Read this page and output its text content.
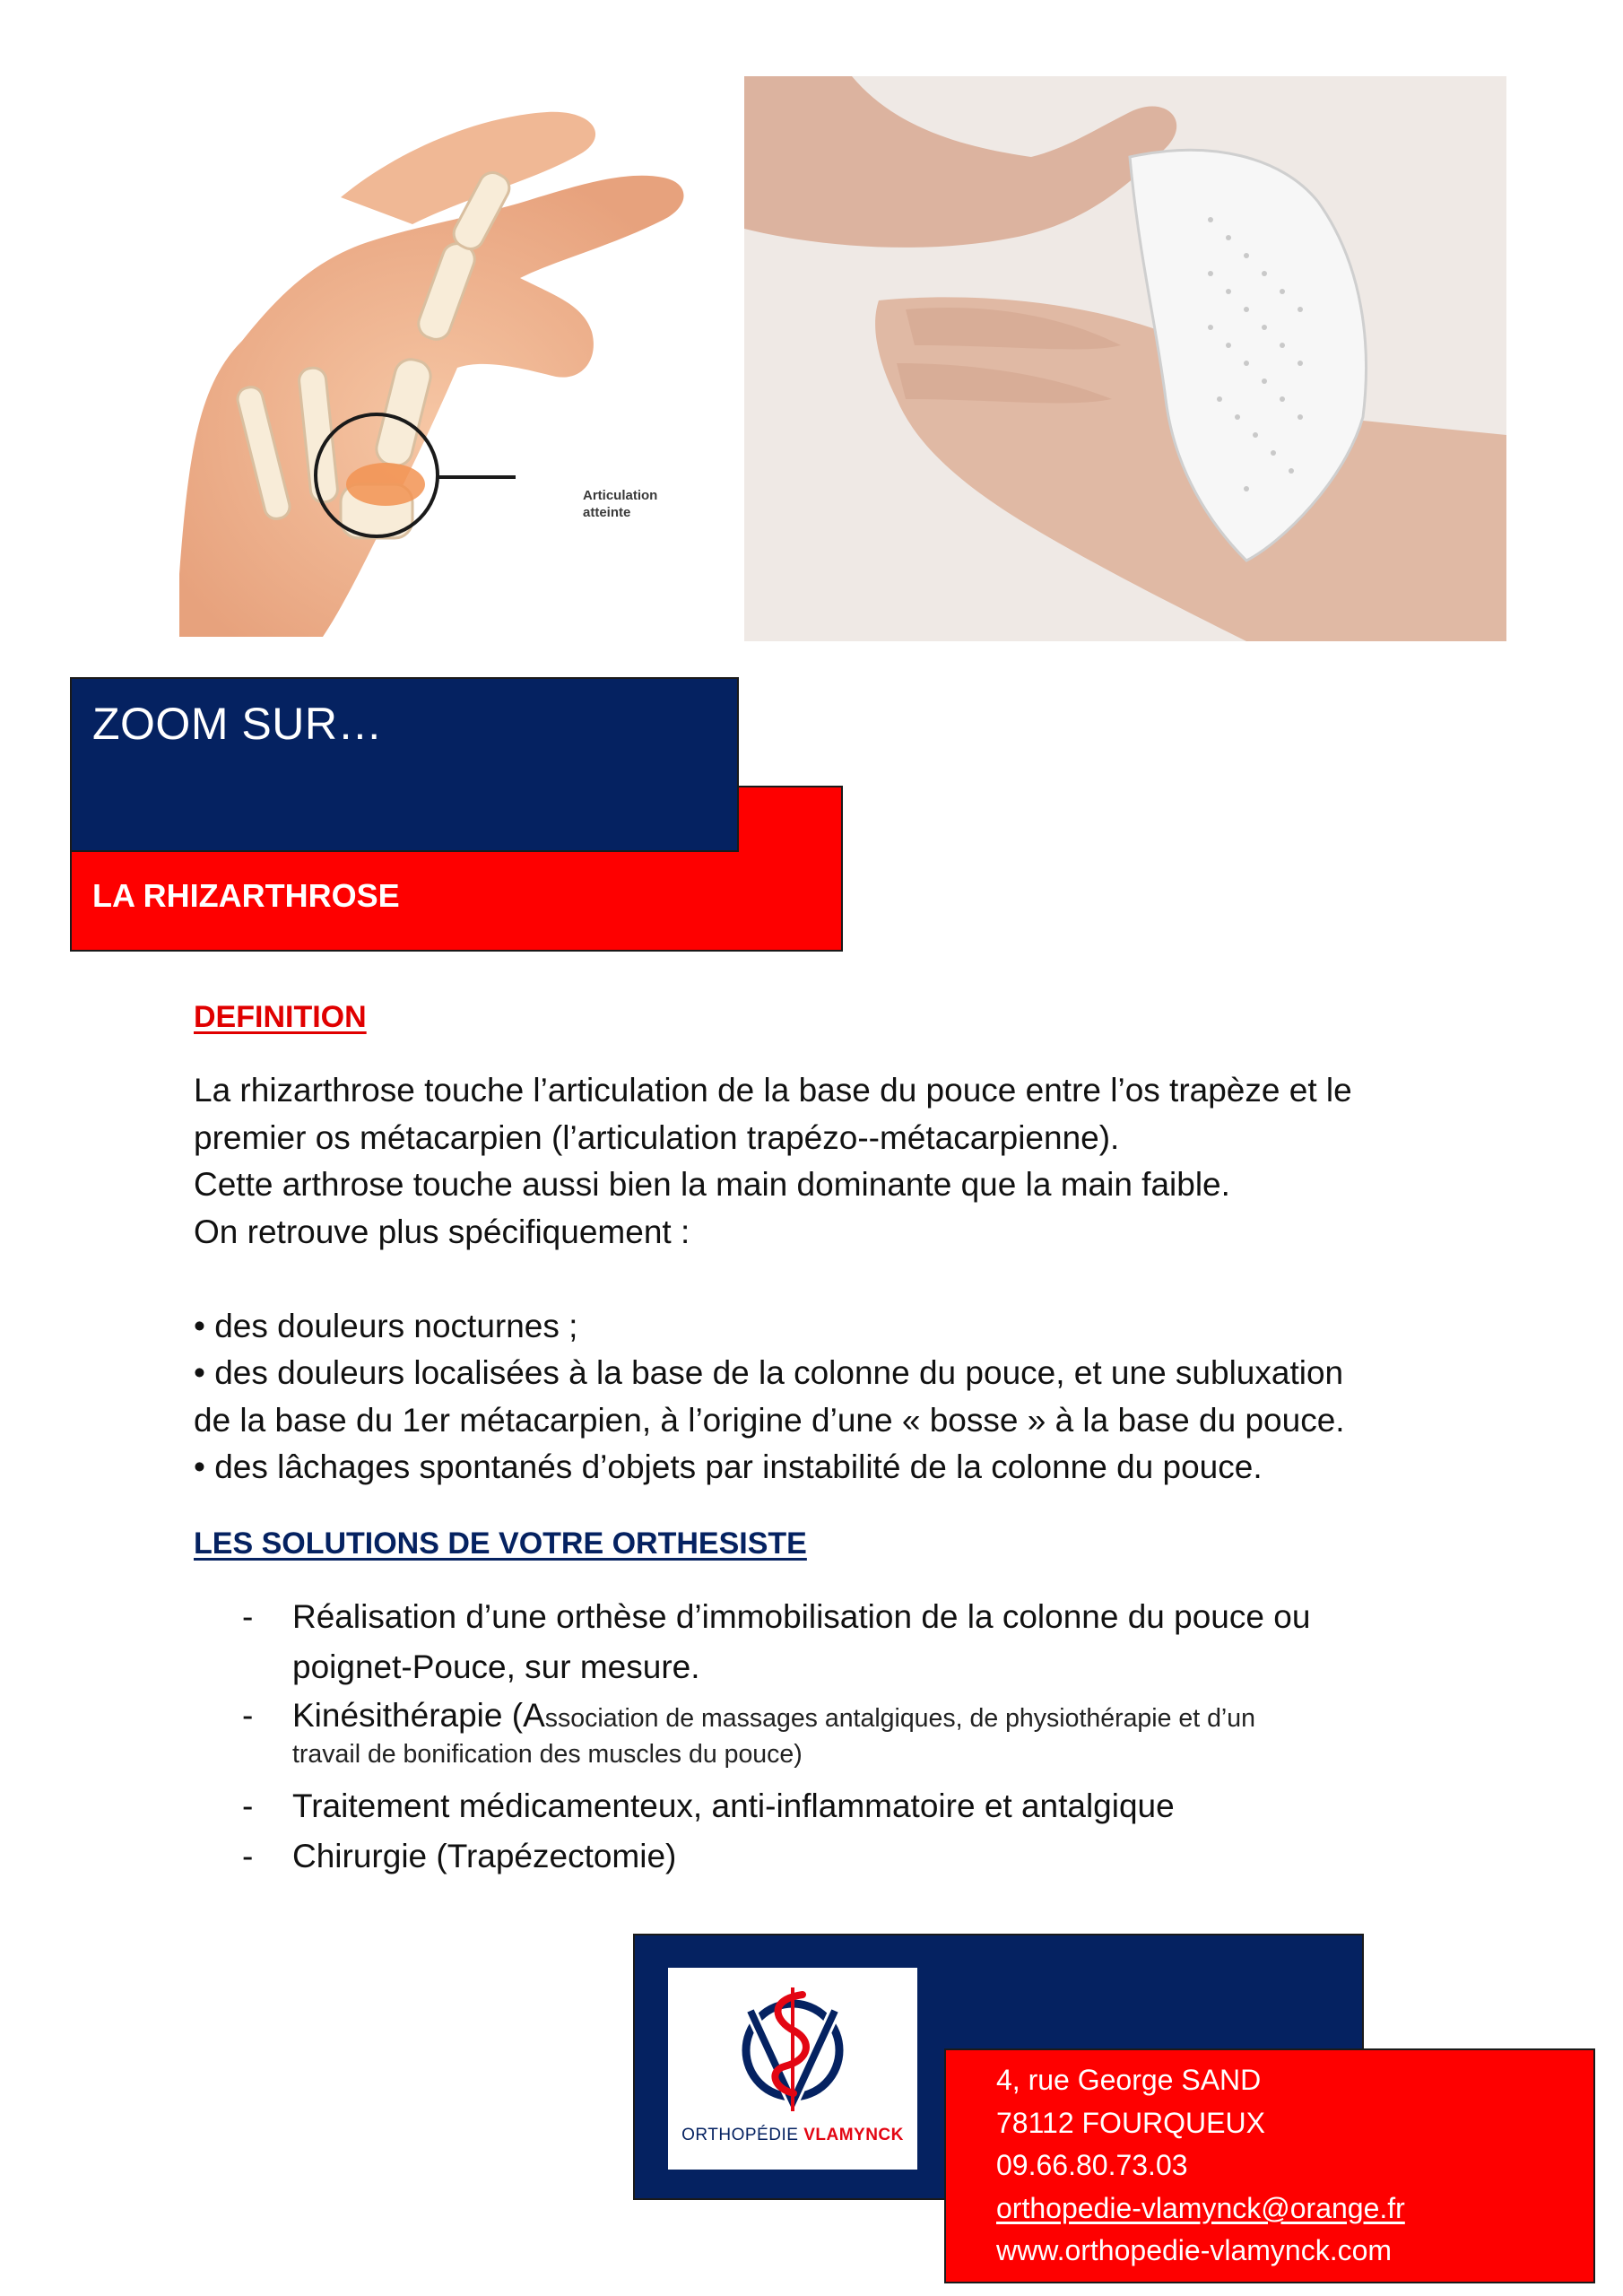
Articulation
atteinte
ZOOM SUR…
LA RHIZARTHROSE
DEFINITION

La rhizarthrose touche l’articulation de la base du pouce entre l’os trapèze et le

premier os métacarpien (l’articulation trapézo--métacarpienne).

Cette arthrose touche aussi bien la main dominante que la main faible.

On retrouve plus spécifiquement :

• des douleurs nocturnes ;

• des douleurs localisées à la base de la colonne du pouce, et une subluxation

de la base du 1er métacarpien, à l’origine d’une « bosse » à la base du pouce.

• des lâchages spontanés d’objets par instabilité de la colonne du pouce.

LES SOLUTIONS DE VOTRE ORTHESISTE
- Réalisation d’une orthèse d’immobilisation de la colonne du pouce ou
poignet-Pouce, sur mesure.
- Kinésithérapie (Association de massages antalgiques, de physiothérapie et d’un
travail de bonification des muscles du pouce)
- Traitement médicamenteux, anti-inflammatoire et antalgique
- Chirurgie (Trapézectomie)
ORTHOPÉDIE VLAMYNCK
4, rue George SAND
78112 FOURQUEUX
09.66.80.73.03
orthopedie-vlamynck@orange.fr
www.orthopedie-vlamynck.com
